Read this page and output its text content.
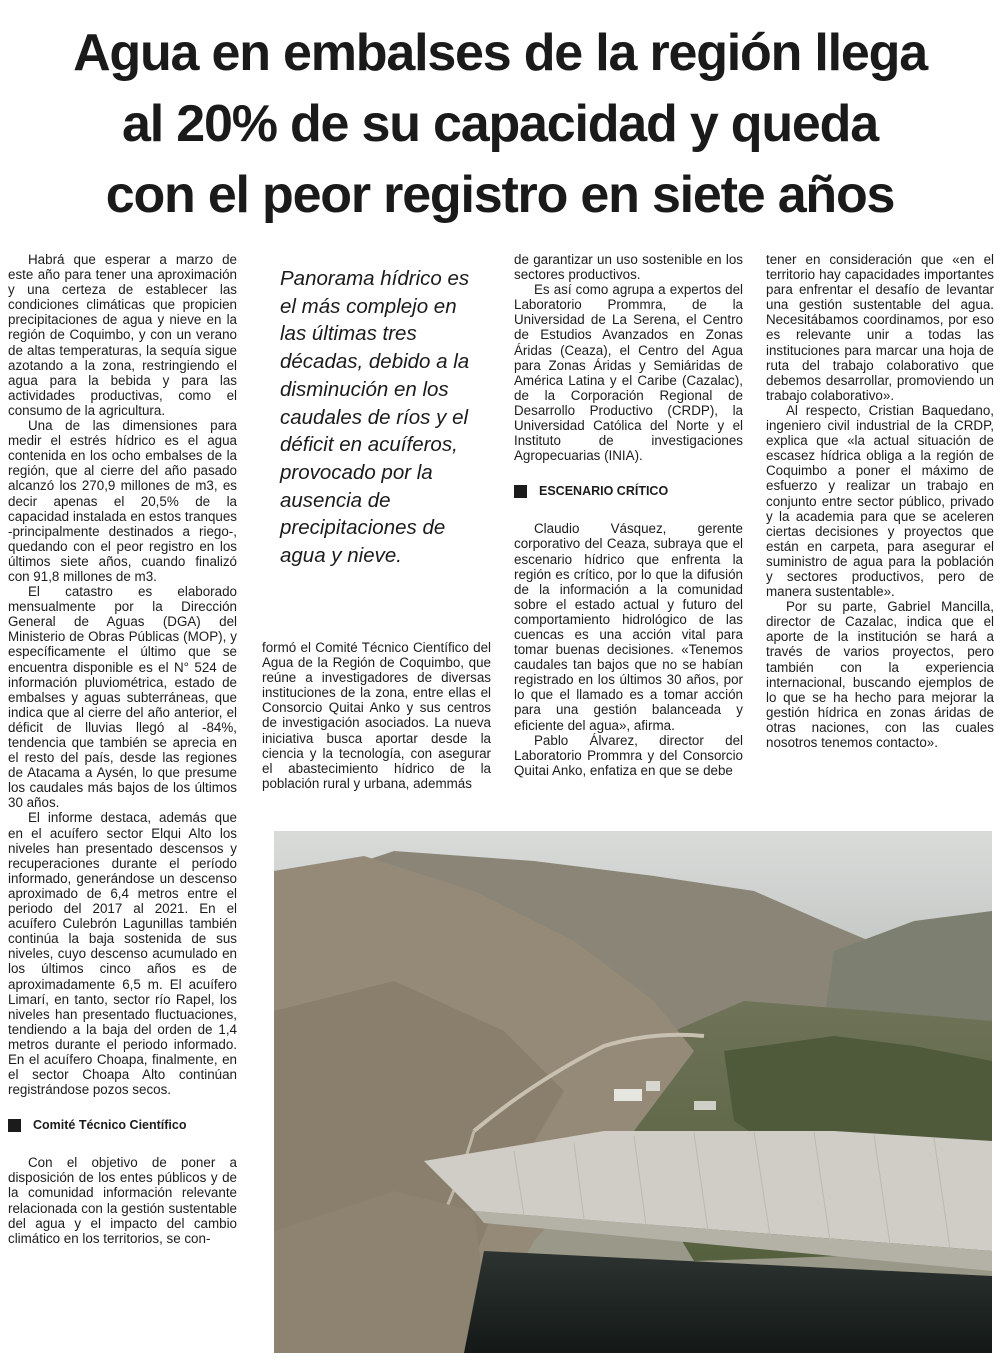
Agua en embalses de la región llega
al 20% de su capacidad y queda
con el peor registro en siete años

Habrá que esperar a marzo de este año para tener una aproximación y una certeza de establecer las condiciones climáticas que propicien precipitaciones de agua y nieve en la región de Coquimbo, y con un verano de altas temperaturas, la sequía sigue azotando a la zona, restringiendo el agua para la bebida y para las actividades productivas, como el consumo de la agricultura.

Una de las dimensiones para medir el estrés hídrico es el agua contenida en los ocho embalses de la región, que al cierre del año pasado alcanzó los 270,9 millones de m3, es decir apenas el 20,5% de la capacidad instalada en estos tranques -principalmente destinados a riego-, quedando con el peor registro en los últimos siete años, cuando finalizó con 91,8 millones de m3.

El catastro es elaborado mensualmente por la Dirección General de Aguas (DGA) del Ministerio de Obras Públicas (MOP), y específicamente el último que se encuentra disponible es el N° 524 de información pluviométrica, estado de embalses y aguas subterráneas, que indica que al cierre del año anterior, el déficit de lluvias llegó al -84%, tendencia que también se aprecia en el resto del país, desde las regiones de Atacama a Aysén, lo que presume los caudales más bajos de los últimos 30 años.

El informe destaca, además que en el acuífero sector Elqui Alto los niveles han presentado descensos y recuperaciones durante el período informado, generándose un descenso aproximado de 6,4 metros entre el periodo del 2017 al 2021. En el acuífero Culebrón Lagunillas también continúa la baja sostenida de sus niveles, cuyo descenso acumulado en los últimos cinco años es de aproximadamente 6,5 m. El acuífero Limarí, en tanto, sector río Rapel, los niveles han presentado fluctuaciones, tendiendo a la baja del orden de 1,4 metros durante el periodo informado. En el acuífero Choapa, finalmente, en el sector Choapa Alto continúan registrándose pozos secos.

Comité Técnico Científico

Con el objetivo de poner a disposición de los entes públicos y de la comunidad información relevante relacionada con la gestión sustentable del agua y el impacto del cambio climático en los territorios, se con-

Panorama hídrico es el más complejo en las últimas tres décadas, debido a la disminución en los caudales de ríos y el déficit en acuíferos, provocado por la ausencia de precipitaciones de agua y nieve.

formó el Comité Técnico Científico del Agua de la Región de Coquimbo, que reúne a investigadores de diversas instituciones de la zona, entre ellas el Consorcio Quitai Anko y sus centros de investigación asociados. La nueva iniciativa busca aportar desde la ciencia y la tecnología, con asegurar el abastecimiento hídrico de la población rural y urbana, ademmás

de garantizar un uso sostenible en los sectores productivos.

Es así como agrupa a expertos del Laboratorio Prommra, de la Universidad de La Serena, el Centro de Estudios Avanzados en Zonas Áridas (Ceaza), el Centro del Agua para Zonas Áridas y Semiáridas de América Latina y el Caribe (Cazalac), de la Corporación Regional de Desarrollo Productivo (CRDP), la Universidad Católica del Norte y el Instituto de investigaciones Agropecuarias (INIA).

ESCENARIO CRÍTICO

Claudio Vásquez, gerente corporativo del Ceaza, subraya que el escenario hídrico que enfrenta la región es crítico, por lo que la difusión de la información a la comunidad sobre el estado actual y futuro del comportamiento hidrológico de las cuencas es una acción vital para tomar buenas decisiones. «Tenemos caudales tan bajos que no se habían registrado en los últimos 30 años, por lo que el llamado es a tomar acción para una gestión balanceada y eficiente del agua», afirma.

Pablo Álvarez, director del Laboratorio Prommra y del Consorcio Quitai Anko, enfatiza en que se debe

tener en consideración que «en el territorio hay capacidades importantes para enfrentar el desafío de levantar una gestión sustentable del agua. Necesitábamos coordinamos, por eso es relevante unir a todas las instituciones para marcar una hoja de ruta del trabajo colaborativo que debemos desarrollar, promoviendo un trabajo colaborativo».

Al respecto, Cristian Baquedano, ingeniero civil industrial de la CRDP, explica que «la actual situación de escasez hídrica obliga a la región de Coquimbo a poner el máximo de esfuerzo y realizar un trabajo en conjunto entre sector público, privado y la academia para que se aceleren ciertas decisiones y proyectos que están en carpeta, para asegurar el suministro de agua para la población y sectores productivos, pero de manera sustentable».

Por su parte, Gabriel Mancilla, director de Cazalac, indica que el aporte de la institución se hará a través de varios proyectos, pero también con la experiencia internacional, buscando ejemplos de lo que se ha hecho para mejorar la gestión hídrica en zonas áridas de otras naciones, con las cuales nosotros tenemos contacto».
